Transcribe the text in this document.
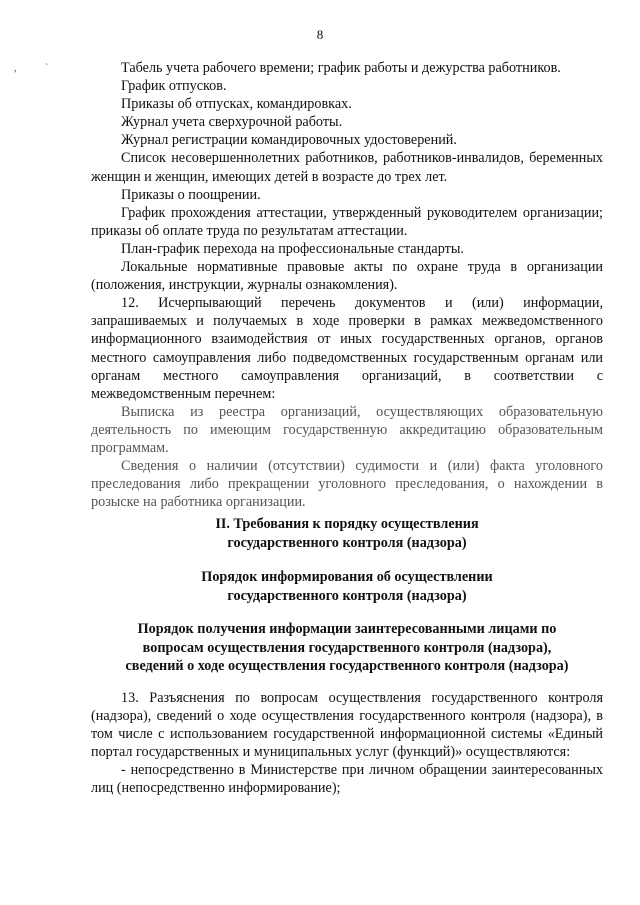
8
,	`	Табель учета рабочего времени; график работы и дежурства работников.

График отпусков.

Приказы об отпусках, командировках.

Журнал учета сверхурочной работы.

Журнал регистрации командировочных удостоверений.

Список несовершеннолетних работников, работников-инвалидов, беременных женщин и женщин, имеющих детей в возрасте до трех лет.

Приказы о поощрении.

График прохождения аттестации, утвержденный руководителем организации; приказы об оплате труда по результатам аттестации.

План-график перехода на профессиональные стандарты.

Локальные нормативные правовые акты по охране труда в организации (положения, инструкции, журналы ознакомления).

12. Исчерпывающий перечень документов и (или) информации, запрашиваемых и получаемых в ходе проверки в рамках межведомственного информационного взаимодействия от иных государственных органов, органов местного самоуправления либо подведомственных государственным органам или органам местного самоуправления организаций, в соответствии с межведомственным перечнем:

Выписка из реестра организаций, осуществляющих образовательную деятельность по имеющим государственную аккредитацию образовательным программам.

Сведения о наличии (отсутствии) судимости и (или) факта уголовного преследования либо прекращении уголовного преследования, о нахождении в розыске на работника организации.

II. Требования к порядку осуществления
государственного контроля (надзора)
Порядок информирования об осуществлении
государственного контроля (надзора)
Порядок получения информации заинтересованными лицами по
вопросам осуществления государственного контроля (надзора),
сведений о ходе осуществления государственного контроля (надзора)

13. Разъяснения по вопросам осуществления государственного контроля (надзора), сведений о ходе осуществления государственного контроля (надзора), в том числе с использованием государственной информационной системы «Единый портал государственных и муниципальных услуг (функций)» осуществляются:

- непосредственно в Министерстве при личном обращении заинтересованных лиц (непосредственно информирование);
